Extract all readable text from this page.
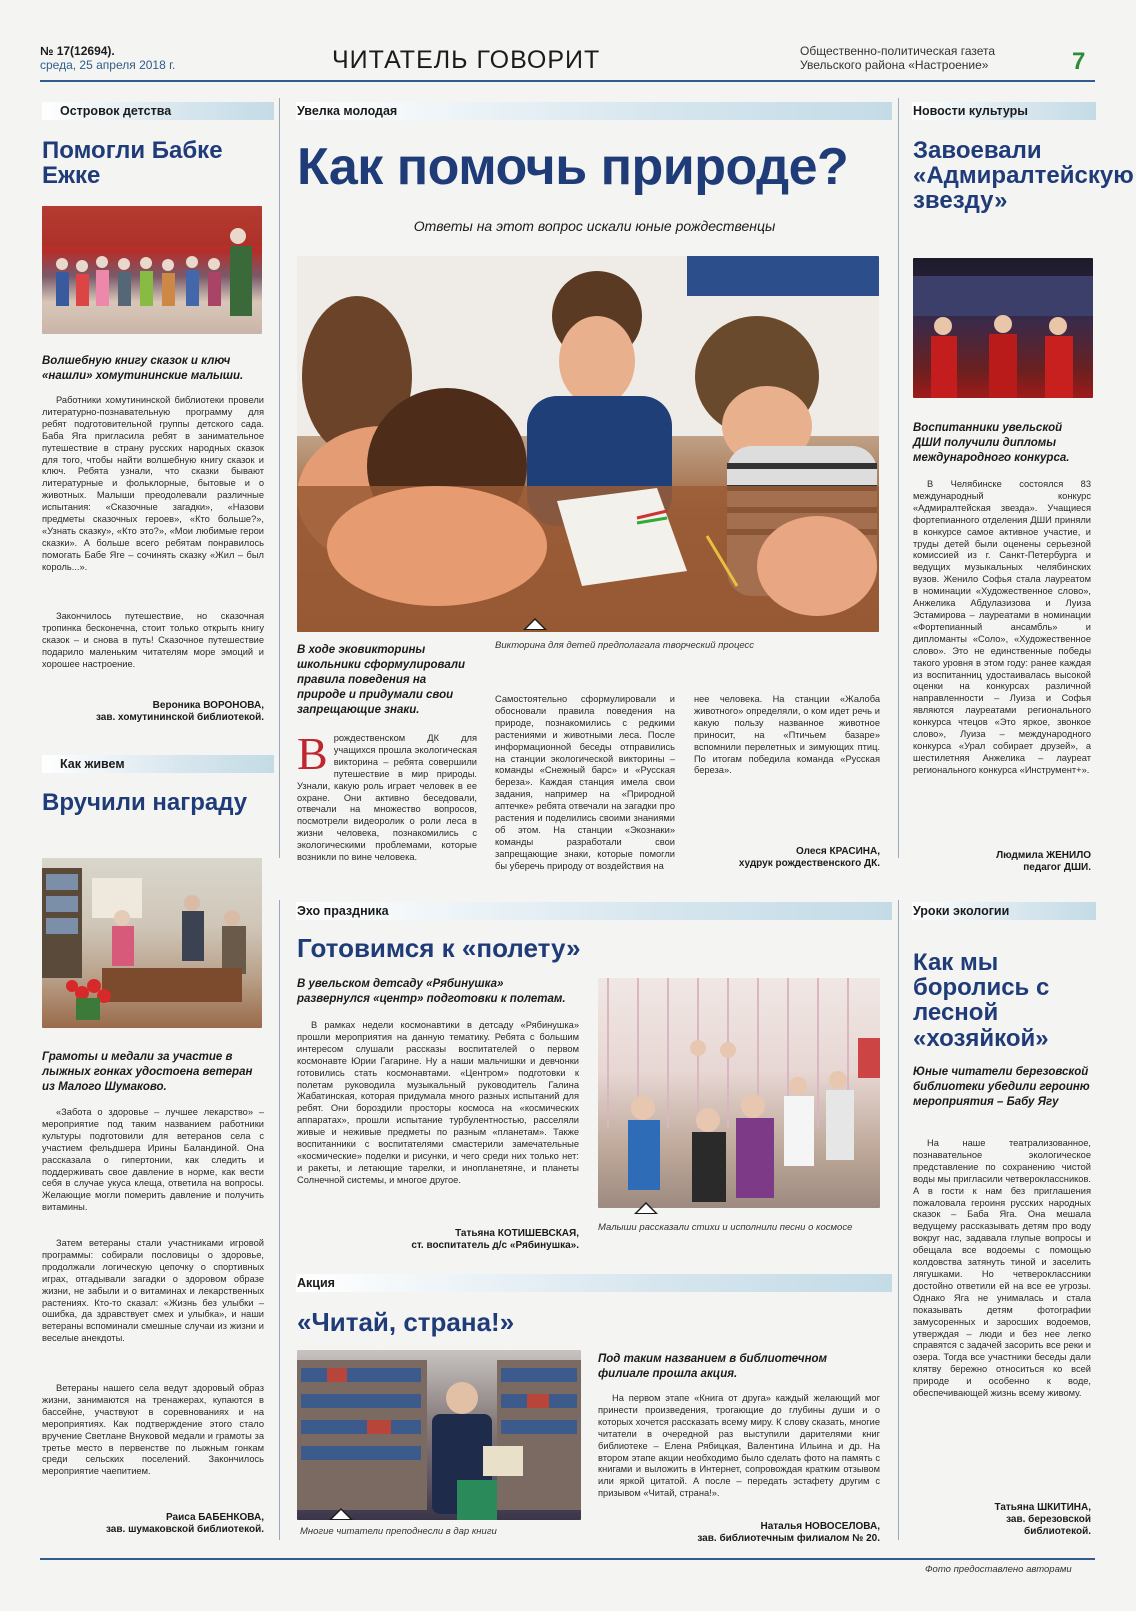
№ 17(12694).
среда, 25 апреля 2018 г.	ЧИТАТЕЛЬ ГОВОРИТ	Общественно-политическая газета
Увельского района «Настроение»	7
Островок детства
Помогли Бабке Ежке
Волшебную книгу сказок и ключ «нашли» хомутининские малыши.
Работники хомутининской библиотеки провели литературно-познавательную программу для ребят подготовительной группы детского сада. Баба Яга пригласила ребят в занимательное путешествие в страну русских народных сказок для того, чтобы найти волшебную книгу сказок и ключ. Ребята узнали, что сказки бывают литературные и фольклорные, бытовые и о животных. Малыши преодолевали различные испытания: «Сказочные загадки», «Назови предметы сказочных героев», «Кто больше?», «Узнать сказку», «Кто это?», «Мои любимые герои сказки». А больше всего ребятам понравилось помогать Бабе Яге – сочинять сказку «Жил – был король...».
Закончилось путешествие, но сказочная тропинка бесконечна, стоит только открыть книгу сказок – и снова в путь! Сказочное путешествие подарило маленьким читателям море эмоций и хорошее настроение.
Вероника ВОРОНОВА,
зав. хомутининской библиотекой.
Как живем
Вручили награду
Грамоты и медали за участие в лыжных гонках удостоена ветеран из Малого Шумаково.
«Забота о здоровье – лучшее лекарство» – мероприятие под таким названием работники культуры подготовили для ветеранов села с участием фельдшера Ирины Баландиной. Она рассказала о гипертонии, как следить и поддерживать свое давление в норме, как вести себя в случае укуса клеща, ответила на вопросы. Желающие могли померить давление и получить витамины.
Затем ветераны стали участниками игровой программы: собирали пословицы о здоровье, продолжали логическую цепочку о спортивных играх, отгадывали загадки о здоровом образе жизни, не забыли и о витаминах и лекарственных растениях. Кто-то сказал: «Жизнь без улыбки – ошибка, да здравствует смех и улыбка», и наши ветераны вспоминали смешные случаи из жизни и веселые анекдоты.
Ветераны нашего села ведут здоровый образ жизни, занимаются на тренажерах, купаются в бассейне, участвуют в соревнованиях и на мероприятиях. Как подтверждение этого стало вручение Светлане Внуковой медали и грамоты за третье место в первенстве по лыжным гонкам среди сельских поселений. Закончилось мероприятие чаепитием.
Раиса БАБЕНКОВА,
зав. шумаковской библиотекой.
Увелка молодая
Как помочь природе?
Ответы на этот вопрос искали юные рождественцы
Викторина для детей предполагала творческий процесс
В ходе эковикторины школьники сформулировали правила поведения на природе и придумали свои запрещающие знаки.
Врождественском ДК для учащихся прошла экологическая викторина – ребята совершили путешествие в мир природы. Узнали, какую роль играет человек в ее охране. Они активно беседовали, отвечали на множество вопросов, посмотрели видеоролик о роли леса в жизни человека, познакомились с экологическими проблемами, которые возникли по вине человека.
Самостоятельно сформулировали и обосновали правила поведения на природе, познакомились с редкими растениями и животными леса. После информационной беседы отправились на станции экологической викторины – команды «Снежный барс» и «Русская береза». Каждая станция имела свои задания, например на «Природной аптечке» ребята отвечали на загадки про растения и поделились своими знаниями об этом. На станции «Экознаки» команды разработали свои запрещающие знаки, которые помогли бы уберечь природу от воздействия на
нее человека. На станции «Жалоба животного» определяли, о ком идет речь и какую пользу названное животное приносит, на «Птичьем базаре» вспомнили перелетных и зимующих птиц. По итогам победила команда «Русская береза».
Олеся КРАСИНА,
худрук рождественского ДК.
Новости культуры
Завоевали «Адмиралтейскую звезду»
Воспитанники увельской ДШИ получили дипломы международного конкурса.
В Челябинске состоялся 83 международный конкурс «Адмиралтейская звезда». Учащиеся фортепианного отделения ДШИ приняли в конкурсе самое активное участие, и труды детей были оценены серьезной комиссией из г. Санкт-Петербурга и ведущих музыкальных челябинских вузов. Женило Софья стала лауреатом в номинации «Художественное слово», Анжелика Абдулазизова и Луиза Эстамирова – лауреатами в номинации «Фортепианный ансамбль» и дипломанты «Соло», «Художественное слово». Это не единственные победы такого уровня в этом году: ранее каждая из воспитанниц удостаивалась высокой оценки на конкурсах различной направленности – Луиза и Софья являются лауреатами регионального конкурса чтецов «Это яркое, звонкое слово», Луиза – международного конкурса «Урал собирает друзей», а шестилетняя Анжелика – лауреат регионального конкурса «Инструмент+».
Людмила ЖЕНИЛО
педагог ДШИ.
Эхо праздника
Готовимся к «полету»
В увельском детсаду «Рябинушка» развернулся «центр» подготовки к полетам.
В рамках недели космонавтики в детсаду «Рябинушка» прошли мероприятия на данную тематику. Ребята с большим интересом слушали рассказы воспитателей о первом космонавте Юрии Гагарине. Ну а наши мальчишки и девчонки готовились стать космонавтами. «Центром» подготовки к полетам руководила музыкальный руководитель Галина Жабатинская, которая придумала много разных испытаний для ребят. Они бороздили просторы космоса на «космических аппаратах», прошли испытание турбулентностью, расселяли живые и неживые предметы по разным «планетам». Также воспитанники с воспитателями смастерили замечательные «космические» поделки и рисунки, и чего среди них только нет: и ракеты, и летающие тарелки, и инопланетяне, и планеты Солнечной системы, и многое другое.
Татьяна КОТИШЕВСКАЯ,
ст. воспитатель д/с «Рябинушка».
Малыши рассказали стихи и исполнили песни о космосе
Акция
«Читай, страна!»
Многие читатели преподнесли в дар книги
Под таким названием в библиотечном филиале прошла акция.
На первом этапе «Книга от друга» каждый желающий мог принести произведения, трогающие до глубины души и о которых хочется рассказать всему миру. К слову сказать, многие читатели в очередной раз выступили дарителями книг библиотеке – Елена Рябицкая, Валентина Ильина и др. На втором этапе акции необходимо было сделать фото на память с книгами и выложить в Интернет, сопровождая кратким отзывом или яркой цитатой. А после – передать эстафету другим с призывом «Читай, страна!».
Наталья НОВОСЕЛОВА,
зав. библиотечным филиалом № 20.
Уроки экологии
Как мы боролись с лесной «хозяйкой»
Юные читатели березовской библиотеки убедили героиню мероприятия – Бабу Ягу
На наше театрализованное, познавательное экологическое представление по сохранению чистой воды мы пригласили четвероклассников. А в гости к нам без приглашения пожаловала героиня русских народных сказок – Баба Яга. Она мешала ведущему рассказывать детям про воду вокруг нас, задавала глупые вопросы и обещала все водоемы с помощью колдовства затянуть тиной и заселить лягушками. Но четвероклассники достойно ответили ей на все ее угрозы. Однако Яга не унималась и стала показывать детям фотографии замусоренных и заросших водоемов, утверждая – люди и без нее легко справятся с задачей засорить все реки и озера. Тогда все участники беседы дали клятву бережно относиться ко всей природе и особенно к воде, обеспечивающей жизнь всему живому.
Татьяна ШКИТИНА,
зав. березовской
библиотекой.
Фото предоставлено авторами
